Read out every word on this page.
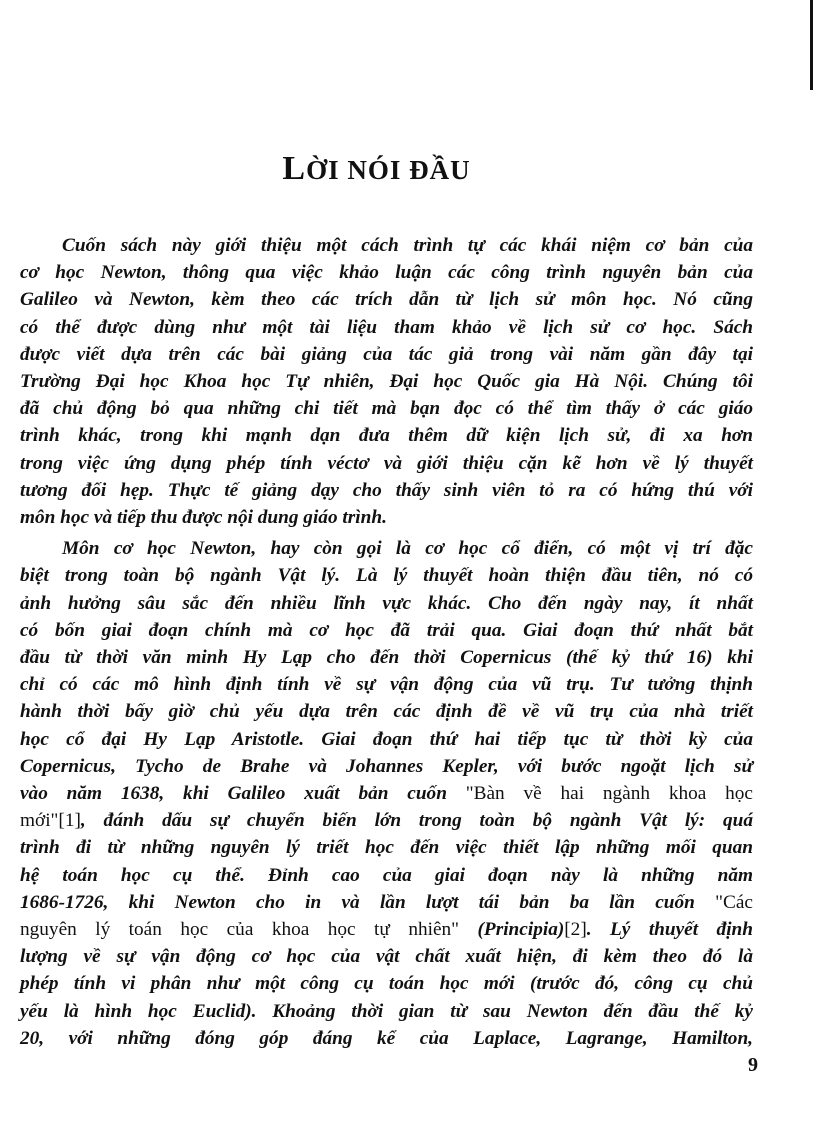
LỜI NÓI ĐẦU
Cuốn sách này giới thiệu một cách trình tự các khái niệm cơ bản của
cơ học Newton, thông qua việc khảo luận các công trình nguyên bản của
Galileo và Newton, kèm theo các trích dẫn từ lịch sử môn học. Nó cũng
có thể được dùng như một tài liệu tham khảo về lịch sử cơ học. Sách
được viết dựa trên các bài giảng của tác giả trong vài năm gần đây tại
Trường Đại học Khoa học Tự nhiên, Đại học Quốc gia Hà Nội. Chúng tôi
đã chủ động bỏ qua những chi tiết mà bạn đọc có thể tìm thấy ở các giáo
trình khác, trong khi mạnh dạn đưa thêm dữ kiện lịch sử, đi xa hơn
trong việc ứng dụng phép tính véctơ và giới thiệu cặn kẽ hơn về lý thuyết
tương đối hẹp. Thực tế giảng dạy cho thấy sinh viên tỏ ra có hứng thú với
môn học và tiếp thu được nội dung giáo trình.
Môn cơ học Newton, hay còn gọi là cơ học cổ điển, có một vị trí đặc
biệt trong toàn bộ ngành Vật lý. Là lý thuyết hoàn thiện đầu tiên, nó có
ảnh hưởng sâu sắc đến nhiều lĩnh vực khác. Cho đến ngày nay, ít nhất
có bốn giai đoạn chính mà cơ học đã trải qua. Giai đoạn thứ nhất bắt
đầu từ thời văn minh Hy Lạp cho đến thời Copernicus (thế kỷ thứ 16) khi
chỉ có các mô hình định tính về sự vận động của vũ trụ. Tư tưởng thịnh
hành thời bấy giờ chủ yếu dựa trên các định đề về vũ trụ của nhà triết
học cổ đại Hy Lạp Aristotle. Giai đoạn thứ hai tiếp tục từ thời kỳ của
Copernicus, Tycho de Brahe và Johannes Kepler, với bước ngoặt lịch sử
vào năm 1638, khi Galileo xuất bản cuốn "Bàn về hai ngành khoa học
mới"[1], đánh dấu sự chuyển biến lớn trong toàn bộ ngành Vật lý: quá
trình đi từ những nguyên lý triết học đến việc thiết lập những mối quan
hệ toán học cụ thể. Đỉnh cao của giai đoạn này là những năm
1686-1726, khi Newton cho in và lần lượt tái bản ba lần cuốn "Các
nguyên lý toán học của khoa học tự nhiên" (Principia)[2]. Lý thuyết định
lượng về sự vận động cơ học của vật chất xuất hiện, đi kèm theo đó là
phép tính vi phân như một công cụ toán học mới (trước đó, công cụ chủ
yếu là hình học Euclid). Khoảng thời gian từ sau Newton đến đầu thế kỷ
20, với những đóng góp đáng kể của Laplace, Lagrange, Hamilton,
9
